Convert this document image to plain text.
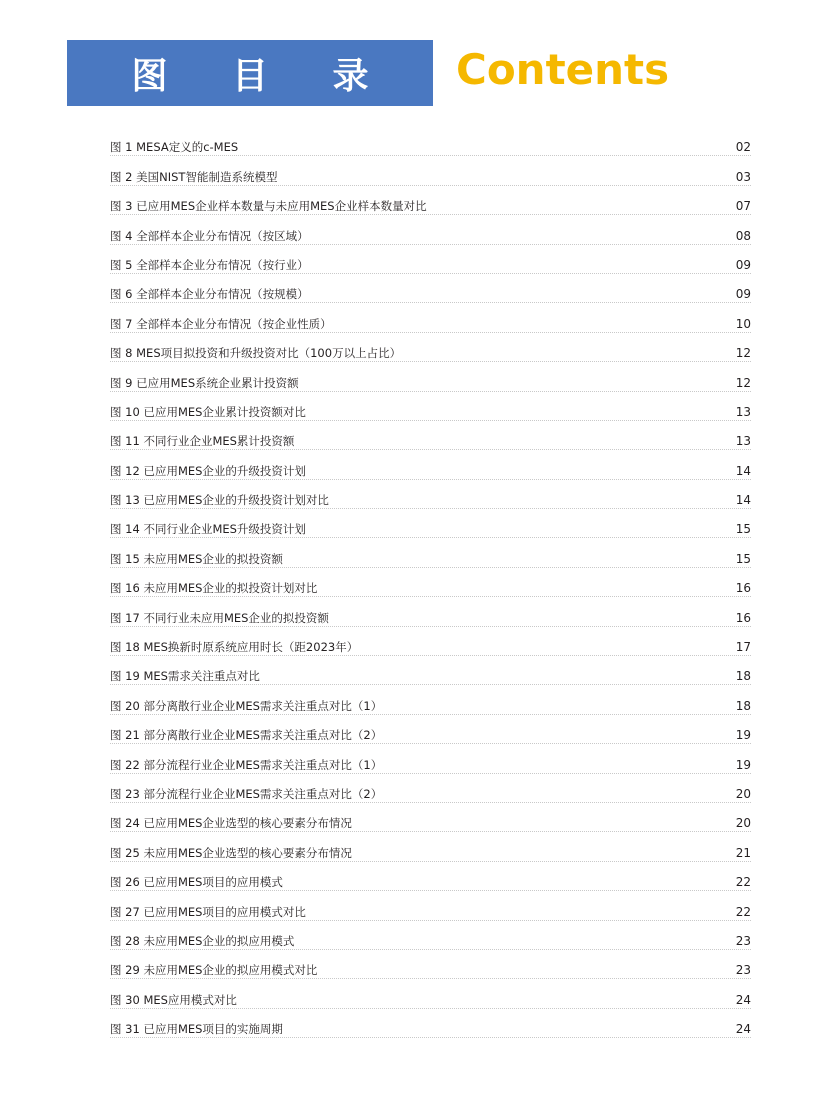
图 目 录 Contents
图 1 MESA定义的c-MES	02
图 2 美国NIST智能制造系统模型	03
图 3 已应用MES企业样本数量与未应用MES企业样本数量对比	07
图 4 全部样本企业分布情况（按区域）	08
图 5 全部样本企业分布情况（按行业）	09
图 6 全部样本企业分布情况（按规模）	09
图 7 全部样本企业分布情况（按企业性质）	10
图 8 MES项目拟投资和升级投资对比（100万以上占比）	12
图 9 已应用MES系统企业累计投资额	12
图 10 已应用MES企业累计投资额对比	13
图 11 不同行业企业MES累计投资额	13
图 12 已应用MES企业的升级投资计划	14
图 13 已应用MES企业的升级投资计划对比	14
图 14 不同行业企业MES升级投资计划	15
图 15 未应用MES企业的拟投资额	15
图 16 未应用MES企业的拟投资计划对比	16
图 17 不同行业未应用MES企业的拟投资额	16
图 18 MES换新时原系统应用时长（距2023年）	17
图 19 MES需求关注重点对比	18
图 20 部分离散行业企业MES需求关注重点对比（1）	18
图 21 部分离散行业企业MES需求关注重点对比（2）	19
图 22 部分流程行业企业MES需求关注重点对比（1）	19
图 23 部分流程行业企业MES需求关注重点对比（2）	20
图 24 已应用MES企业选型的核心要素分布情况	20
图 25 未应用MES企业选型的核心要素分布情况	21
图 26 已应用MES项目的应用模式	22
图 27 已应用MES项目的应用模式对比	22
图 28 未应用MES企业的拟应用模式	23
图 29 未应用MES企业的拟应用模式对比	23
图 30 MES应用模式对比	24
图 31 已应用MES项目的实施周期	24
